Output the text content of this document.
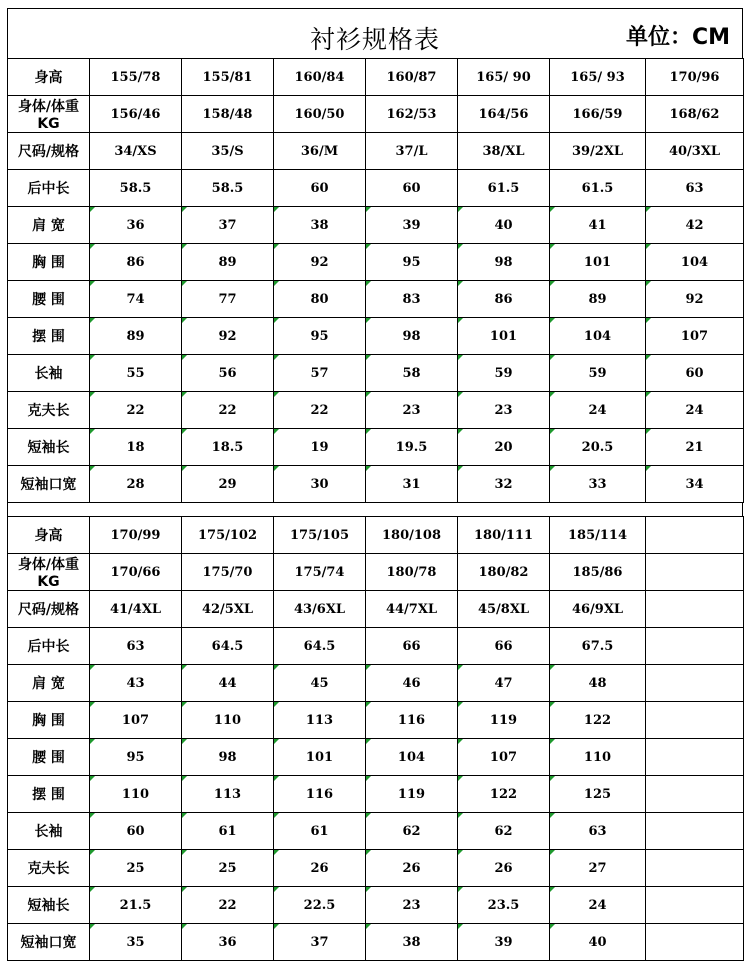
衬衫规格表	单位：CM
身高	155/78	155/81	160/84	160/87	165/ 90	165/ 93	170/96
身体/体重KG	156/46	158/48	160/50	162/53	164/56	166/59	168/62
尺码/规格	34/XS	35/S	36/M	37/L	38/XL	39/2XL	40/3XL
后中长	58.5	58.5	60	60	61.5	61.5	63
肩 宽	36	37	38	39	40	41	42
胸 围	86	89	92	95	98	101	104
腰 围	74	77	80	83	86	89	92
摆 围	89	92	95	98	101	104	107
长袖	55	56	57	58	59	59	60
克夫长	22	22	22	23	23	24	24
短袖长	18	18.5	19	19.5	20	20.5	21
短袖口宽	28	29	30	31	32	33	34
身高	170/99	175/102	175/105	180/108	180/111	185/114	
身体/体重KG	170/66	175/70	175/74	180/78	180/82	185/86	
尺码/规格	41/4XL	42/5XL	43/6XL	44/7XL	45/8XL	46/9XL	
后中长	63	64.5	64.5	66	66	67.5	
肩 宽	43	44	45	46	47	48	
胸 围	107	110	113	116	119	122	
腰 围	95	98	101	104	107	110	
摆 围	110	113	116	119	122	125	
长袖	60	61	61	62	62	63	
克夫长	25	25	26	26	26	27	
短袖长	21.5	22	22.5	23	23.5	24	
短袖口宽	35	36	37	38	39	40	
